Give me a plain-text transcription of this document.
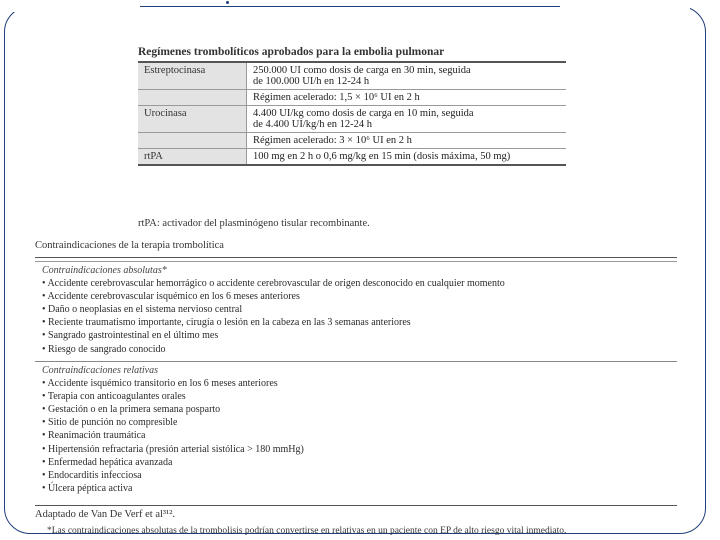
Regímenes trombolíticos aprobados para la embolia pulmonar
Estreptocinasa	250.000 UI como dosis de carga en 30 min, seguida
de 100.000 UI/h en 12-24 h

	Régimen acelerado: 1,5 × 10⁶ UI en 2 h

Urocinasa	4.400 UI/kg como dosis de carga en 10 min, seguida
de 4.400 UI/kg/h en 12-24 h

	Régimen acelerado: 3 × 10⁶ UI en 2 h

rtPA	100 mg en 2 h o 0,6 mg/kg en 15 min (dosis máxima, 50 mg)
rtPA: activador del plasminógeno tisular recombinante.
Contraindicaciones de la terapia trombolítica
Contraindicaciones absolutas*
• Accidente cerebrovascular hemorrágico o accidente cerebrovascular de origen desconocido en cualquier momento
• Accidente cerebrovascular isquémico en los 6 meses anteriores
• Daño o neoplasias en el sistema nervioso central
• Reciente traumatismo importante, cirugía o lesión en la cabeza en las 3 semanas anteriores
• Sangrado gastrointestinal en el último mes
• Riesgo de sangrado conocido
Contraindicaciones relativas
• Accidente isquémico transitorio en los 6 meses anteriores
• Terapia con anticoagulantes orales
• Gestación o en la primera semana posparto
• Sitio de punción no compresible
• Reanimación traumática
• Hipertensión refractaria (presión arterial sistólica > 180 mmHg)
• Enfermedad hepática avanzada
• Endocarditis infecciosa
• Úlcera péptica activa
Adaptado de Van De Verf et al³¹².
*Las contraindicaciones absolutas de la trombolisis podrían convertirse en relativas en un paciente con EP de alto riesgo vital inmediato.
